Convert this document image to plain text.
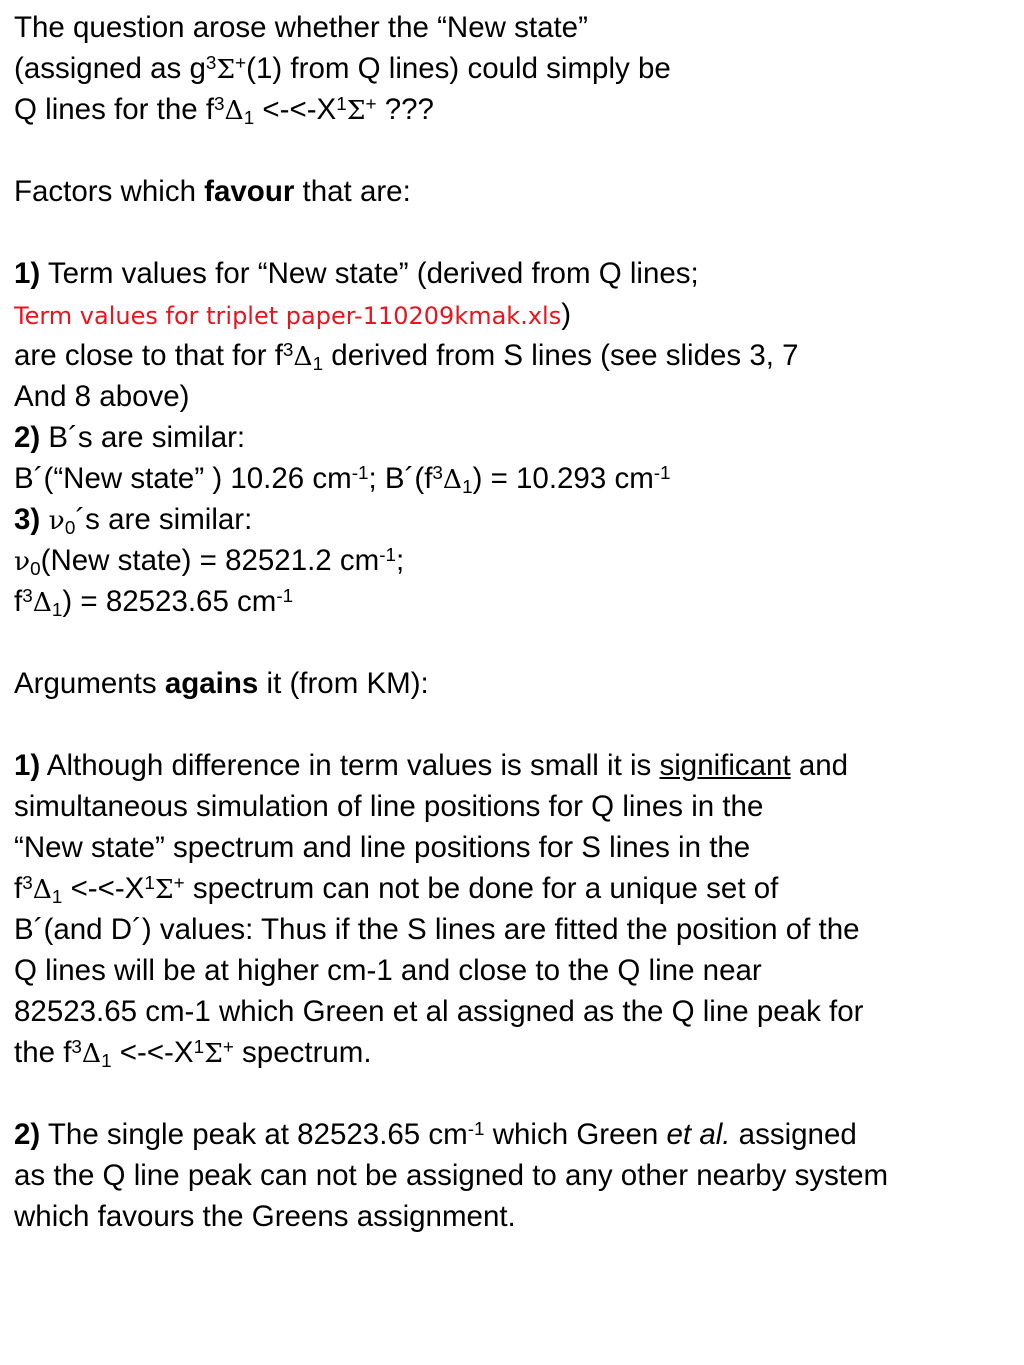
The question arose whether the “New state”
(assigned as $g^3\Sigma^+(1)$ from Q lines) could simply be
Q lines for the $f^3\Delta_1 <-<-X^1\Sigma^+$ ???
Factors which favour that are:
1) Term values for “New state” (derived from Q lines;
Term values for triplet paper-110209kmak.xls)
are close to that for $f^3\Delta_1$ derived from S lines (see slides 3, 7
And 8 above)
2) B´s are similar:
B´(“New state” ) 10.26 $cm^{-1}$; $B´(f^3\Delta_1) = 10.293$ $cm^{-1}$
3) $\nu_0´s$ are similar:
$\nu_0(New$ state) = 82521.2 $cm^{-1}$;
$f^3\Delta_1) = 82523.65$ $cm^{-1}$
Arguments agains it (from KM):
1) Although difference in term values is small it is significant and
simultaneous simulation of line positions for Q lines in the
“New state” spectrum and line positions for S lines in the
$f^3\Delta_1 <-<-X^1\Sigma^+$ spectrum can not be done for a unique set of
B´(and D´) values: Thus if the S lines are fitted the position of the
Q lines will be at higher cm-1 and close to the Q line near
82523.65 cm-1 which Green et al assigned as the Q line peak for
the $f^3\Delta_1 <-<-X^1\Sigma^+$ spectrum.
2) The single peak at 82523.65 $cm^{-1}$ which Green et al. assigned
as the Q line peak can not be assigned to any other nearby system
which favours the Greens assignment.
